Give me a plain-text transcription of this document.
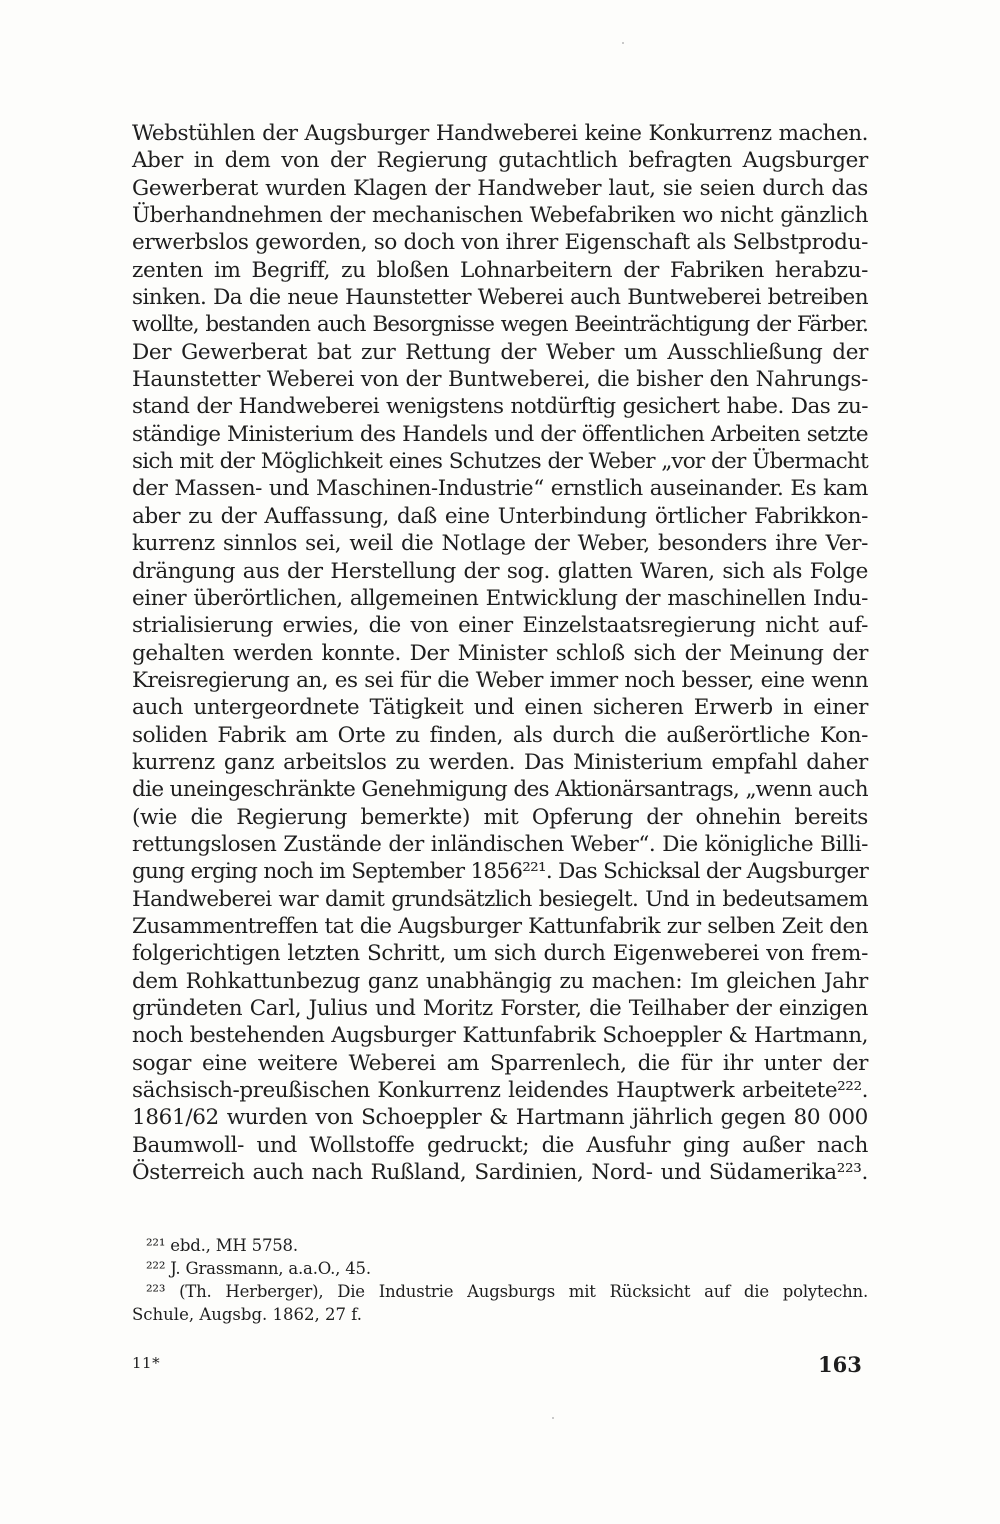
Webstühlen der Augsburger Handweberei keine Konkurrenz machen.
Aber in dem von der Regierung gutachtlich befragten Augsburger
Gewerberat wurden Klagen der Handweber laut, sie seien durch das
Überhandnehmen der mechanischen Webefabriken wo nicht gänzlich
erwerbslos geworden, so doch von ihrer Eigenschaft als Selbstprodu-
zenten im Begriff, zu bloßen Lohnarbeitern der Fabriken herabzu-
sinken. Da die neue Haunstetter Weberei auch Buntweberei betreiben
wollte, bestanden auch Besorgnisse wegen Beeinträchtigung der Färber.
Der Gewerberat bat zur Rettung der Weber um Ausschließung der
Haunstetter Weberei von der Buntweberei, die bisher den Nahrungs-
stand der Handweberei wenigstens notdürftig gesichert habe. Das zu-
ständige Ministerium des Handels und der öffentlichen Arbeiten setzte
sich mit der Möglichkeit eines Schutzes der Weber „vor der Übermacht
der Massen- und Maschinen-Industrie“ ernstlich auseinander. Es kam
aber zu der Auffassung, daß eine Unterbindung örtlicher Fabrikkon-
kurrenz sinnlos sei, weil die Notlage der Weber, besonders ihre Ver-
drängung aus der Herstellung der sog. glatten Waren, sich als Folge
einer überörtlichen, allgemeinen Entwicklung der maschinellen Indu-
strialisierung erwies, die von einer Einzelstaatsregierung nicht auf-
gehalten werden konnte. Der Minister schloß sich der Meinung der
Kreisregierung an, es sei für die Weber immer noch besser, eine wenn
auch untergeordnete Tätigkeit und einen sicheren Erwerb in einer
soliden Fabrik am Orte zu finden, als durch die außerörtliche Kon-
kurrenz ganz arbeitslos zu werden. Das Ministerium empfahl daher
die uneingeschränkte Genehmigung des Aktionärsantrags, „wenn auch
(wie die Regierung bemerkte) mit Opferung der ohnehin bereits
rettungslosen Zustände der inländischen Weber“. Die königliche Billi-
gung erging noch im September 1856²²¹. Das Schicksal der Augsburger
Handweberei war damit grundsätzlich besiegelt. Und in bedeutsamem
Zusammentreffen tat die Augsburger Kattunfabrik zur selben Zeit den
folgerichtigen letzten Schritt, um sich durch Eigenweberei von frem-
dem Rohkattunbezug ganz unabhängig zu machen: Im gleichen Jahr
gründeten Carl, Julius und Moritz Forster, die Teilhaber der einzigen
noch bestehenden Augsburger Kattunfabrik Schoeppler & Hartmann,
sogar eine weitere Weberei am Sparrenlech, die für ihr unter der
sächsisch-preußischen Konkurrenz leidendes Hauptwerk arbeitete²²².
1861/62 wurden von Schoeppler & Hartmann jährlich gegen 80 000
Baumwoll- und Wollstoffe gedruckt; die Ausfuhr ging außer nach
Österreich auch nach Rußland, Sardinien, Nord- und Südamerika²²³.
²²¹ ebd., MH 5758.
²²² J. Grassmann, a.a.O., 45.
²²³ (Th. Herberger), Die Industrie Augsburgs mit Rücksicht auf die polytechn.
Schule, Augsbg. 1862, 27 f.
11*	163
